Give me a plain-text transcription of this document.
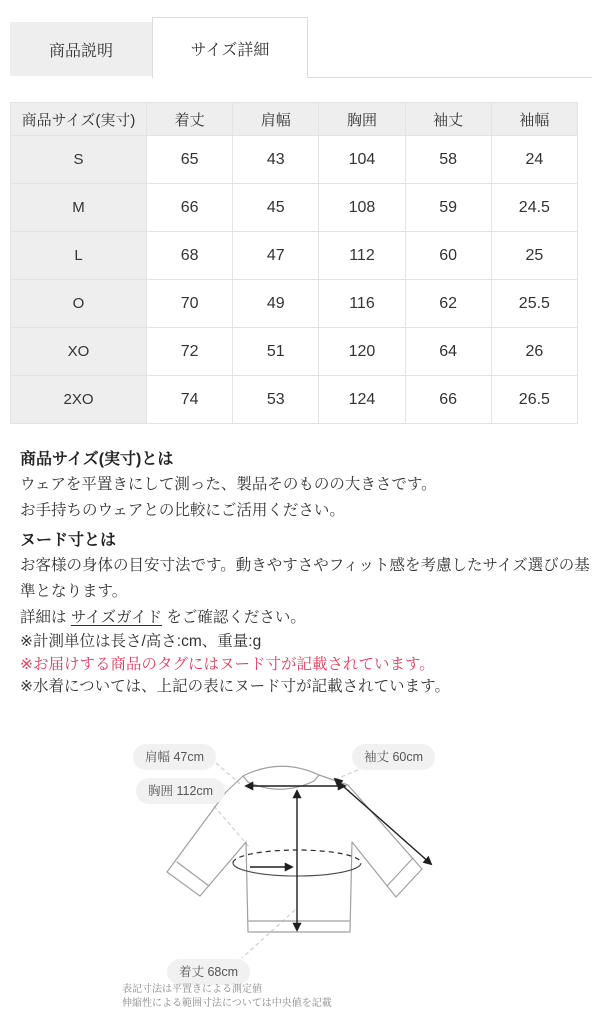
商品説明	サイズ詳細
商品サイズ(実寸)	着丈	肩幅	胸囲	袖丈	袖幅
S	65	43	104	58	24
M	66	45	108	59	24.5
L	68	47	112	60	25
O	70	49	116	62	25.5
XO	72	51	120	64	26
2XO	74	53	124	66	26.5
商品サイズ(実寸)とは
ウェアを平置きにして測った、製品そのものの大きさです。
お手持ちのウェアとの比較にご活用ください。
ヌード寸とは
お客様の身体の目安寸法です。動きやすさやフィット感を考慮したサイズ選びの基準となります。
詳細は サイズガイド をご確認ください。
※計測単位は長さ/高さ:cm、重量:g
※お届けする商品のタグにはヌード寸が記載されています。
※水着については、上記の表にヌード寸が記載されています。
肩幅 47cm	袖丈 60cm
胸囲 112cm
着丈 68cm
表記寸法は平置きによる測定値
伸縮性による範囲寸法については中央値を記載
